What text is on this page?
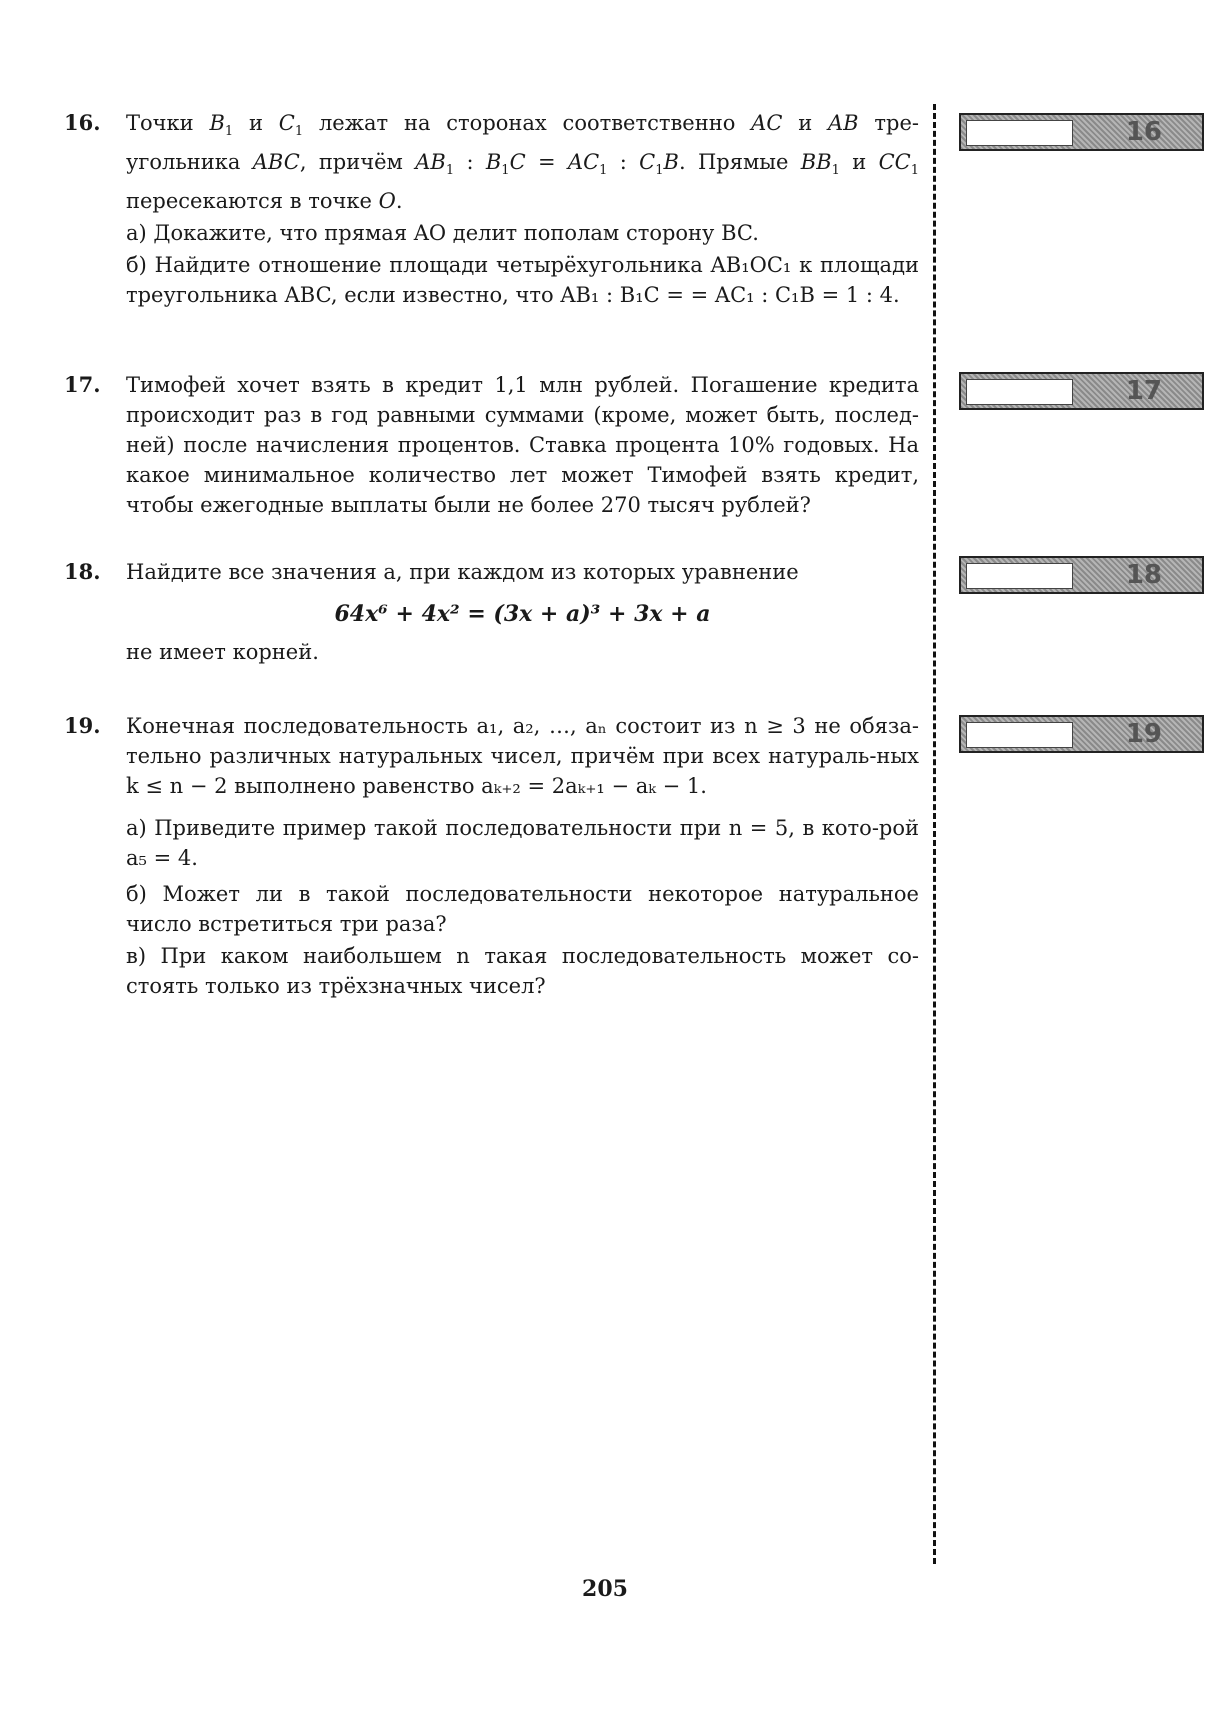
16.	Точки $B_1$ и $C_1$ лежат на сторонах соответственно AC и AB тре-угольника ABC, причём $AB_1$ : $B_1C = AC_1$ : $C_1B$. Прямые $BB_1$ и $CC_1$ пересекаются в точке O.

а) Докажите, что прямая AO делит пополам сторону BC.

б) Найдите отношение площади четырёхугольника AB₁OC₁ к площади треугольника ABC, если известно, что AB₁ : B₁C = = AC₁ : C₁B = 1 : 4.

17.	Тимофей хочет взять в кредит 1,1 млн рублей. Погашение кредита происходит раз в год равными суммами (кроме, может быть, послед-ней) после начисления процентов. Ставка процента 10% годовых. На какое минимальное количество лет может Тимофей взять кредит, чтобы ежегодные выплаты были не более 270 тысяч рублей?

18.	Найдите все значения a, при каждом из которых уравнение

64x⁶ + 4x² = (3x + a)³ + 3x + a

не имеет корней.

19.	Конечная последовательность a₁, a₂, …, aₙ состоит из n ≥ 3 не обяза-тельно различных натуральных чисел, причём при всех натураль-ных k ≤ n − 2 выполнено равенство aₖ₊₂ = 2aₖ₊₁ − aₖ − 1.

а) Приведите пример такой последовательности при n = 5, в кото-рой a₅ = 4.

б) Может ли в такой последовательности некоторое натуральное число встретиться три раза?

в) При каком наибольшем n такая последовательность может со-стоять только из трёхзначных чисел?

16
17
18
19
205
